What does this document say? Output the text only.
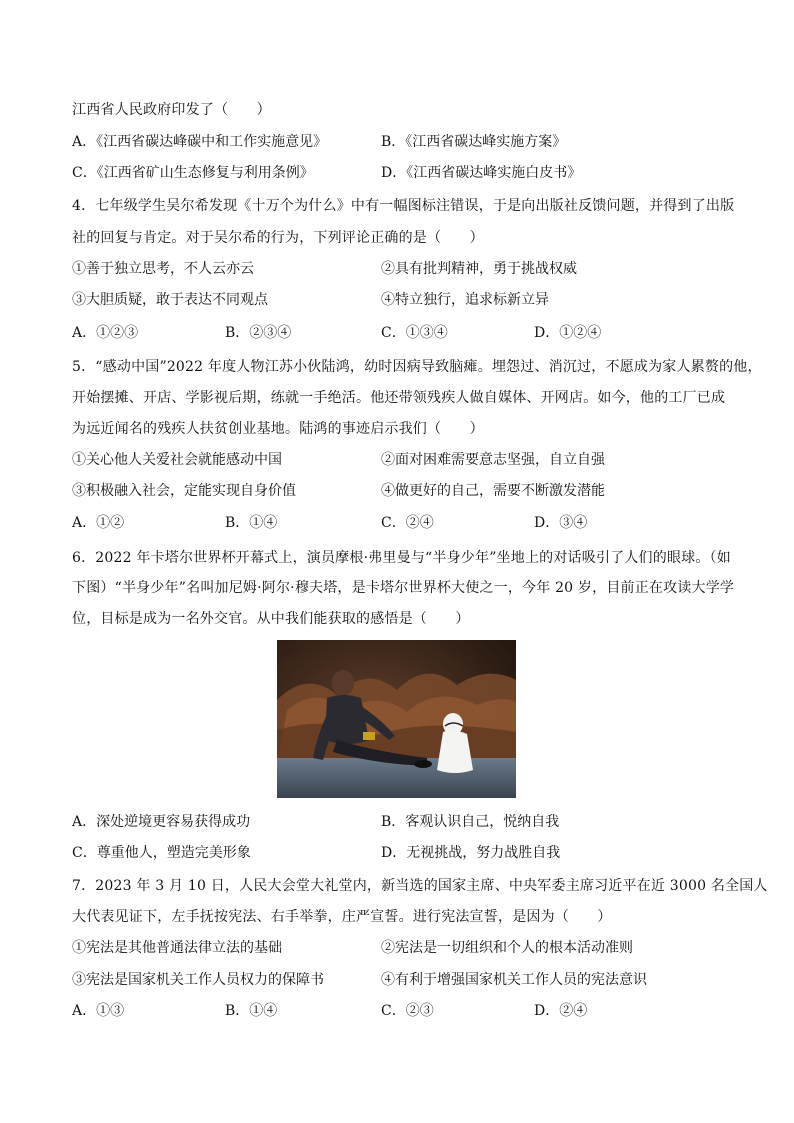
江西省人民政府印发了（　　）
A．《江西省碳达峰碳中和工作实施意见》	B．《江西省碳达峰实施方案》
C．《江西省矿山生态修复与利用条例》	D．《江西省碳达峰实施白皮书》
4．七年级学生吴尔希发现《十万个为什么》中有一幅图标注错误，于是向出版社反馈问题，并得到了出版
社的回复与肯定。对于吴尔希的行为，下列评论正确的是（　　）
①善于独立思考，不人云亦云	②具有批判精神，勇于挑战权威
③大胆质疑，敢于表达不同观点	④特立独行，追求标新立异
A．①②③	B．②③④	C．①③④	D．①②④
5．“感动中国”2022 年度人物江苏小伙陆鸿，幼时因病导致脑瘫。埋怨过、消沉过，不愿成为家人累赘的他，
开始摆摊、开店、学影视后期，练就一手绝活。他还带领残疾人做自媒体、开网店。如今，他的工厂已成
为远近闻名的残疾人扶贫创业基地。陆鸿的事迹启示我们（　　）
①关心他人关爱社会就能感动中国	②面对困难需要意志坚强，自立自强
③积极融入社会，定能实现自身价值	④做更好的自己，需要不断激发潜能
A．①②	B．①④	C．②④	D．③④
6．2022 年卡塔尔世界杯开幕式上，演员摩根·弗里曼与“半身少年”坐地上的对话吸引了人们的眼球。（如
下图）“半身少年”名叫加尼姆·阿尔·穆夫塔，是卡塔尔世界杯大使之一，今年 20 岁，目前正在攻读大学学
位，目标是成为一名外交官。从中我们能获取的感悟是（　　）
A．深处逆境更容易获得成功	B．客观认识自己，悦纳自我
C．尊重他人，塑造完美形象	D．无视挑战，努力战胜自我
7．2023 年 3 月 10 日，人民大会堂大礼堂内，新当选的国家主席、中央军委主席习近平在近 3000 名全国人
大代表见证下，左手抚按宪法、右手举拳，庄严宣誓。进行宪法宣誓，是因为（　　）
①宪法是其他普通法律立法的基础	②宪法是一切组织和个人的根本活动准则
③宪法是国家机关工作人员权力的保障书	④有利于增强国家机关工作人员的宪法意识
A．①③	B．①④	C．②③	D．②④
